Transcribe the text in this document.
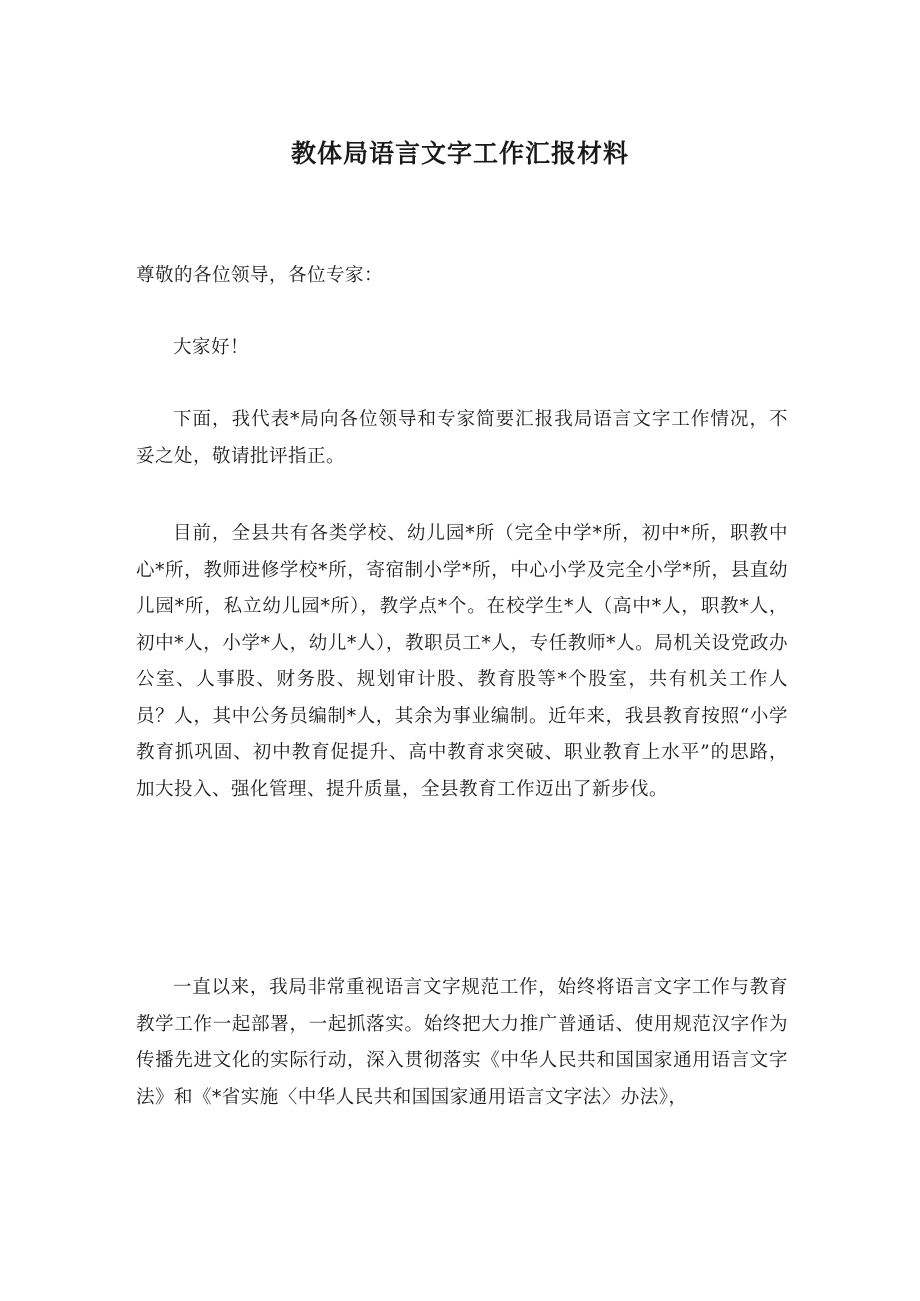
教体局语言文字工作汇报材料

尊敬的各位领导，各位专家：

大家好！

下面，我代表*局向各位领导和专家简要汇报我局语言文字工作情况，不妥之处，敬请批评指正。

目前，全县共有各类学校、幼儿园*所（完全中学*所，初中*所，职教中心*所，教师进修学校*所，寄宿制小学*所，中心小学及完全小学*所，县直幼儿园*所，私立幼儿园*所），教学点*个。在校学生*人（高中*人，职教*人，初中*人，小学*人，幼儿*人），教职员工*人，专任教师*人。局机关设党政办公室、人事股、财务股、规划审计股、教育股等*个股室，共有机关工作人员？人，其中公务员编制*人，其余为事业编制。近年来，我县教育按照“小学教育抓巩固、初中教育促提升、高中教育求突破、职业教育上水平”的思路，加大投入、强化管理、提升质量，全县教育工作迈出了新步伐。

一直以来，我局非常重视语言文字规范工作，始终将语言文字工作与教育教学工作一起部署，一起抓落实。始终把大力推广普通话、使用规范汉字作为传播先进文化的实际行动，深入贯彻落实《中华人民共和国国家通用语言文字法》和《*省实施〈中华人民共和国国家通用语言文字法〉办法》，
